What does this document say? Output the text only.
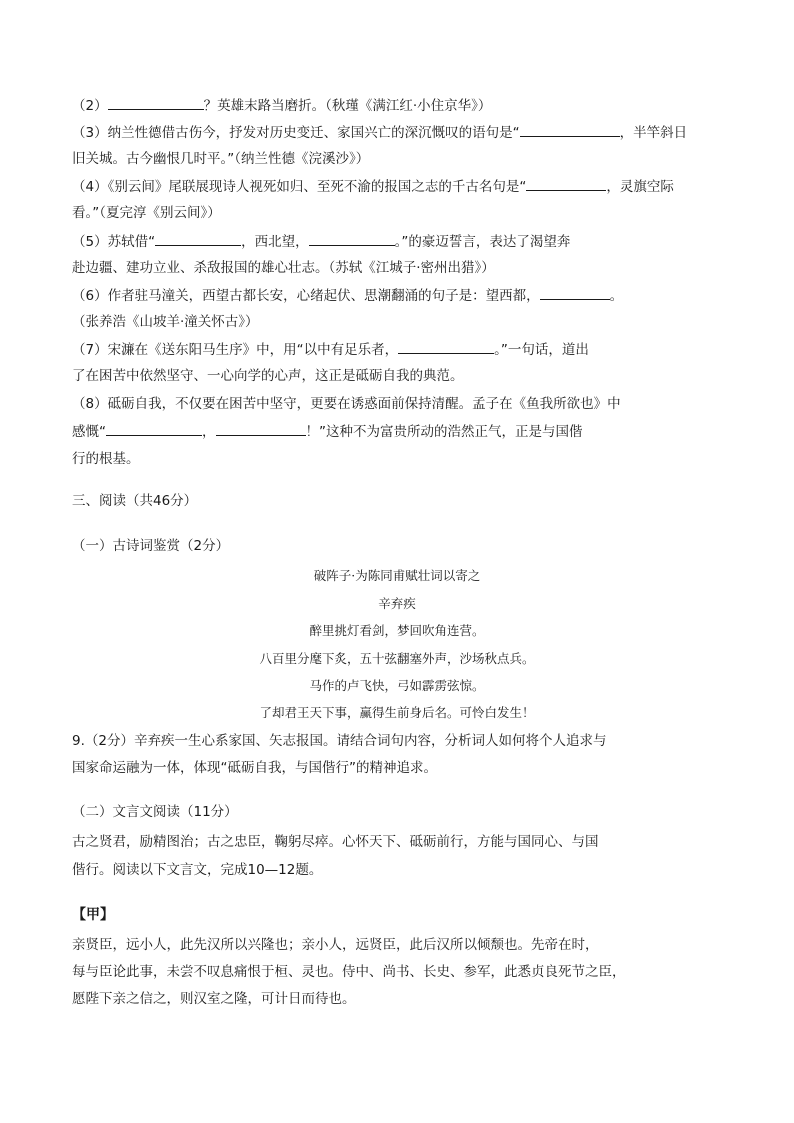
（2）	？英雄末路当磨折。（秋瑾《满江红·小住京华》）
（3）纳兰性德借古伤今，抒发对历史变迁、家国兴亡的深沉慨叹的语句是“	，半竿斜日
旧关城。古今幽恨几时平。”（纳兰性德《浣溪沙》）
（4）《别云间》尾联展现诗人视死如归、至死不渝的报国之志的千古名句是“	，灵旗空际
看。”（夏完淳《别云间》）
（5）苏轼借“	，西北望，	。”的豪迈誓言，表达了渴望奔
赴边疆、建功立业、杀敌报国的雄心壮志。（苏轼《江城子·密州出猎》）
（6）作者驻马潼关，西望古都长安，心绪起伏、思潮翻涌的句子是：望西都，	。
（张养浩《山坡羊·潼关怀古》）
（7）宋濂在《送东阳马生序》中，用“以中有足乐者，	。”一句话，道出
了在困苦中依然坚守、一心向学的心声，这正是砥砺自我的典范。
（8）砥砺自我，不仅要在困苦中坚守，更要在诱惑面前保持清醒。孟子在《鱼我所欲也》中
感慨“	，	！”这种不为富贵所动的浩然正气，正是与国偕
行的根基。
三、阅读（共46分）
（一）古诗词鉴赏（2分）
破阵子·为陈同甫赋壮词以寄之
辛弃疾
醉里挑灯看剑，梦回吹角连营。
八百里分麾下炙，五十弦翻塞外声，沙场秋点兵。
马作的卢飞快，弓如霹雳弦惊。
了却君王天下事，赢得生前身后名。可怜白发生！
9.（2分）辛弃疾一生心系家国、矢志报国。请结合词句内容，分析词人如何将个人追求与
国家命运融为一体，体现“砥砺自我，与国偕行”的精神追求。
（二）文言文阅读（11分）
古之贤君，励精图治；古之忠臣，鞠躬尽瘁。心怀天下、砥砺前行，方能与国同心、与国
偕行。阅读以下文言文，完成10—12题。
【甲】
亲贤臣，远小人，此先汉所以兴隆也；亲小人，远贤臣，此后汉所以倾颓也。先帝在时，
每与臣论此事，未尝不叹息痛恨于桓、灵也。侍中、尚书、长史、参军，此悉贞良死节之臣，
愿陛下亲之信之，则汉室之隆，可计日而待也。
